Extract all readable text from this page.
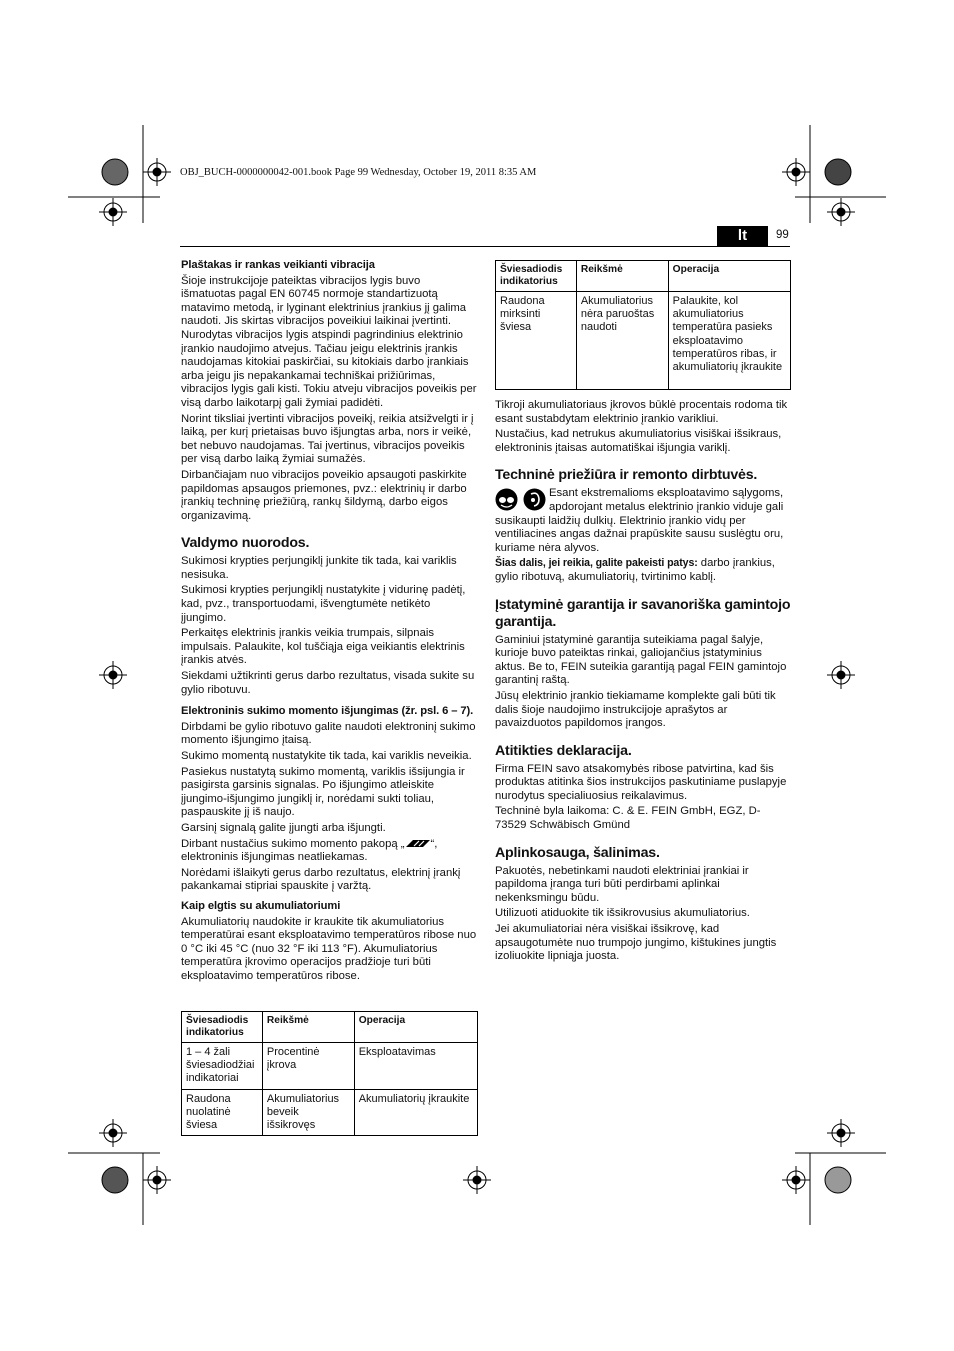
OBJ_BUCH-0000000042-001.book Page 99 Wednesday, October 19, 2011 8:35 AM
lt	99
Plaštakas ir rankas veikianti vibracija

Šioje instrukcijoje pateiktas vibracijos lygis buvo išmatuotas pagal EN 60745 normoje standartizuotą matavimo metodą, ir lyginant elektrinius įrankius jį galima naudoti. Jis skirtas vibracijos poveikiui laikinai įvertinti. Nurodytas vibracijos lygis atspindi pagrindinius elektrinio įrankio naudojimo atvejus. Tačiau jeigu elektrinis įrankis naudojamas kitokiai paskirčiai, su kitokiais darbo įrankiais arba jeigu jis nepakankamai techniškai prižiūrimas, vibracijos lygis gali kisti. Tokiu atveju vibracijos poveikis per visą darbo laikotarpį gali žymiai padidėti.

Norint tiksliai įvertinti vibracijos poveikį, reikia atsižvelgti ir į laiką, per kurį prietaisas buvo išjungtas arba, nors ir veikė, bet nebuvo naudojamas. Tai įvertinus, vibracijos poveikis per visą darbo laiką žymiai sumažės.

Dirbančiajam nuo vibracijos poveikio apsaugoti paskirkite papildomas apsaugos priemones, pvz.: elektrinių ir darbo įrankių techninę priežiūrą, rankų šildymą, darbo eigos organizavimą.

Valdymo nuorodos.

Sukimosi krypties perjungiklį junkite tik tada, kai variklis nesisuka.

Sukimosi krypties perjungiklį nustatykite į vidurinę padėtį, kad, pvz., transportuodami, išvengtumėte netikėto įjungimo.

Perkaitęs elektrinis įrankis veikia trumpais, silpnais impulsais. Palaukite, kol tuščiąja eiga veikiantis elektrinis įrankis atvės.

Siekdami užtikrinti gerus darbo rezultatus, visada sukite su gylio ribotuvu.

Elektroninis sukimo momento išjungimas (žr. psl. 6 – 7).

Dirbdami be gylio ribotuvo galite naudoti elektroninį sukimo momento išjungimo įtaisą.

Sukimo momentą nustatykite tik tada, kai variklis neveikia.

Pasiekus nustatytą sukimo momentą, variklis išsijungia ir pasigirsta garsinis signalas. Po išjungimo atleiskite įjungimo-išjungimo jungiklį ir, norėdami sukti toliau, paspauskite jį iš naujo.

Garsinį signalą galite įjungti arba išjungti.

Dirbant nustačius sukimo momento pakopą „ “, elektroninis išjungimas neatliekamas.

Norėdami išlaikyti gerus darbo rezultatus, elektrinį įrankį pakankamai stipriai spauskite į varžtą.

Kaip elgtis su akumuliatoriumi

Akumuliatorių naudokite ir kraukite tik akumuliatorius temperatūrai esant eksploatavimo temperatūros ribose nuo 0 °C iki 45 °C (nuo 32 °F iki 113 °F). Akumuliatorius temperatūra įkrovimo operacijos pradžioje turi būti eksploatavimo temperatūros ribose.

Šviesadiodis indikatorius	Reikšmė	Operacija
1 – 4 žali šviesadiodžiai indikatoriai	Procentinė įkrova	Eksploatavimas
Raudona nuolatinė šviesa	Akumuliatorius beveik išsikrovęs	Akumuliatorių įkraukite
Šviesadiodis indikatorius	Reikšmė	Operacija
Raudona mirksinti šviesa	Akumuliatorius nėra paruoštas naudoti	Palaukite, kol akumuliatorius temperatūra pasieks eksploatavimo temperatūros ribas, ir akumuliatorių įkraukite

Tikroji akumuliatoriaus įkrovos būklė procentais rodoma tik esant sustabdytam elektrinio įrankio varikliui.

Nustačius, kad netrukus akumuliatorius visiškai išsikraus, elektroninis įtaisas automatiškai išjungia variklį.

Techninė priežiūra ir remonto dirbtuvės.

Esant ekstremalioms eksploatavimo sąlygoms, apdorojant metalus elektrinio įrankio viduje gali susikaupti laidžių dulkių. Elektrinio įrankio vidų per ventiliacines angas dažnai prapūskite sausu suslėgtu oru, kuriame nėra alyvos.

Šias dalis, jei reikia, galite pakeisti patys: darbo įrankius, gylio ribotuvą, akumuliatorių, tvirtinimo kablį.

Įstatyminė garantija ir savanoriška gamintojo garantija.

Gaminiui įstatyminė garantija suteikiama pagal šalyje, kurioje buvo pateiktas rinkai, galiojančius įstatyminius aktus. Be to, FEIN suteikia garantiją pagal FEIN gamintojo garantinį raštą.

Jūsų elektrinio įrankio tiekiamame komplekte gali būti tik dalis šioje naudojimo instrukcijoje aprašytos ar pavaizduotos papildomos įrangos.

Atitikties deklaracija.

Firma FEIN savo atsakomybės ribose patvirtina, kad šis produktas atitinka šios instrukcijos paskutiniame puslapyje nurodytus specialiuosius reikalavimus.

Techninė byla laikoma: C. & E. FEIN GmbH, EGZ, D-73529 Schwäbisch Gmünd

Aplinkosauga, šalinimas.

Pakuotės, nebetinkami naudoti elektriniai įrankiai ir papildoma įranga turi būti perdirbami aplinkai nekenksmingu būdu.

Utilizuoti atiduokite tik išsikrovusius akumuliatorius.

Jei akumuliatoriai nėra visiškai išsikrovę, kad apsaugotumėte nuo trumpojo jungimo, kištukines jungtis izoliuokite lipniąja juosta.
